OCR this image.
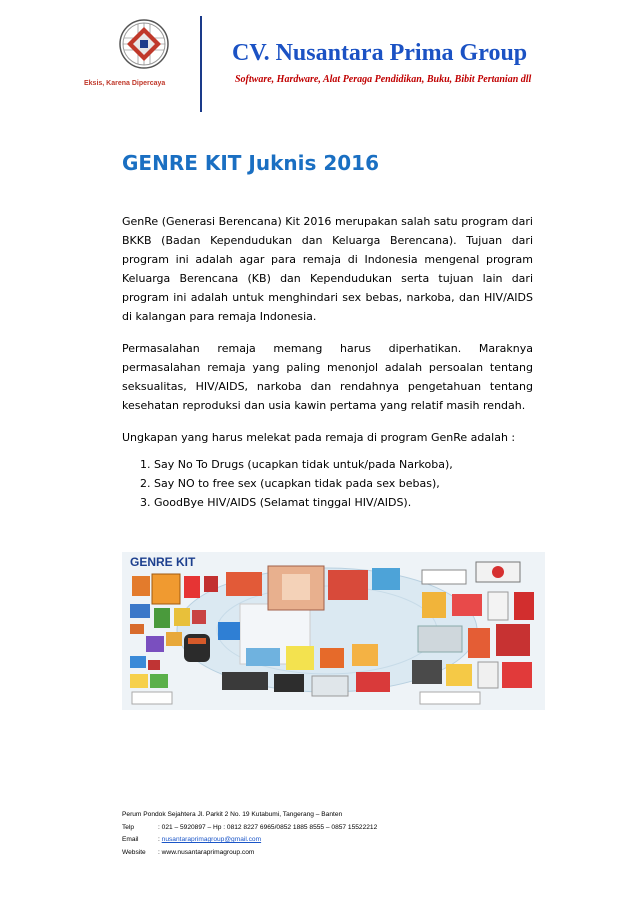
Eksis, Karena Dipercaya
CV. Nusantara Prima Group
Software, Hardware, Alat Peraga Pendidikan, Buku, Bibit Pertanian dll
GENRE KIT Juknis 2016

GenRe (Generasi Berencana) Kit 2016 merupakan salah satu program dari BKKB (Badan Kependudukan dan Keluarga Berencana). Tujuan dari program ini adalah agar para remaja di Indonesia mengenal program Keluarga Berencana (KB) dan Kependudukan serta tujuan lain dari program ini adalah untuk menghindari sex bebas, narkoba, dan HIV/AIDS di kalangan para remaja Indonesia.

Permasalahan remaja memang harus diperhatikan. Maraknya permasalahan remaja yang paling menonjol adalah persoalan tentang seksualitas, HIV/AIDS, narkoba dan rendahnya pengetahuan tentang kesehatan reproduksi dan usia kawin pertama yang relatif masih rendah.

Ungkapan yang harus melekat pada remaja di program GenRe adalah :

1. Say No To Drugs (ucapkan tidak untuk/pada Narkoba),
2. Say NO to free sex (ucapkan tidak pada sex bebas),
3. GoodBye HIV/AIDS (Selamat tinggal HIV/AIDS).
GENRE KIT
Perum Pondok Sejahtera Jl. Parkit 2 No. 19 Kutabumi, Tangerang – Banten
Telp	: 021 – 5920897 – Hp : 0812 8227 6965/0852 1885 8555 – 0857 15522212
Email	: nusantaraprimagroup@gmail.com
Website : www.nusantaraprimagroup.com
